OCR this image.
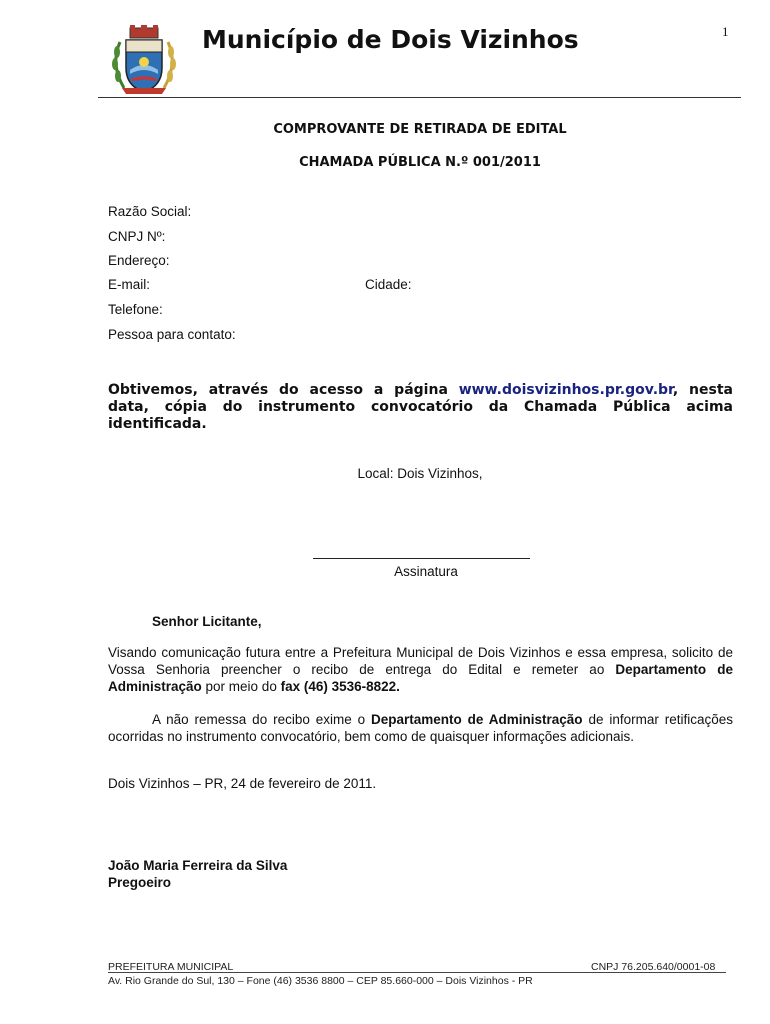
Município de Dois Vizinhos	1
COMPROVANTE DE RETIRADA DE EDITAL
CHAMADA PÚBLICA N.º 001/2011
Razão Social:
CNPJ Nº:
Endereço:
E-mail:	Cidade:
Telefone:
Pessoa para contato:
Obtivemos, através do acesso a página www.doisvizinhos.pr.gov.br, nesta data, cópia do instrumento convocatório da Chamada Pública acima identificada.
Local: Dois Vizinhos,
Assinatura
Senhor Licitante,
Visando comunicação futura entre a Prefeitura Municipal de Dois Vizinhos e essa empresa, solicito de Vossa Senhoria preencher o recibo de entrega do Edital e remeter ao Departamento de Administração por meio do fax (46) 3536-8822.
A não remessa do recibo exime o Departamento de Administração de informar retificações ocorridas no instrumento convocatório, bem como de quaisquer informações adicionais.
Dois Vizinhos – PR, 24 de fevereiro de 2011.
João Maria Ferreira da Silva
Pregoeiro
PREFEITURA MUNICIPAL	CNPJ 76.205.640/0001-08
Av. Rio Grande do Sul, 130 – Fone (46) 3536 8800 – CEP 85.660-000 – Dois Vizinhos - PR
